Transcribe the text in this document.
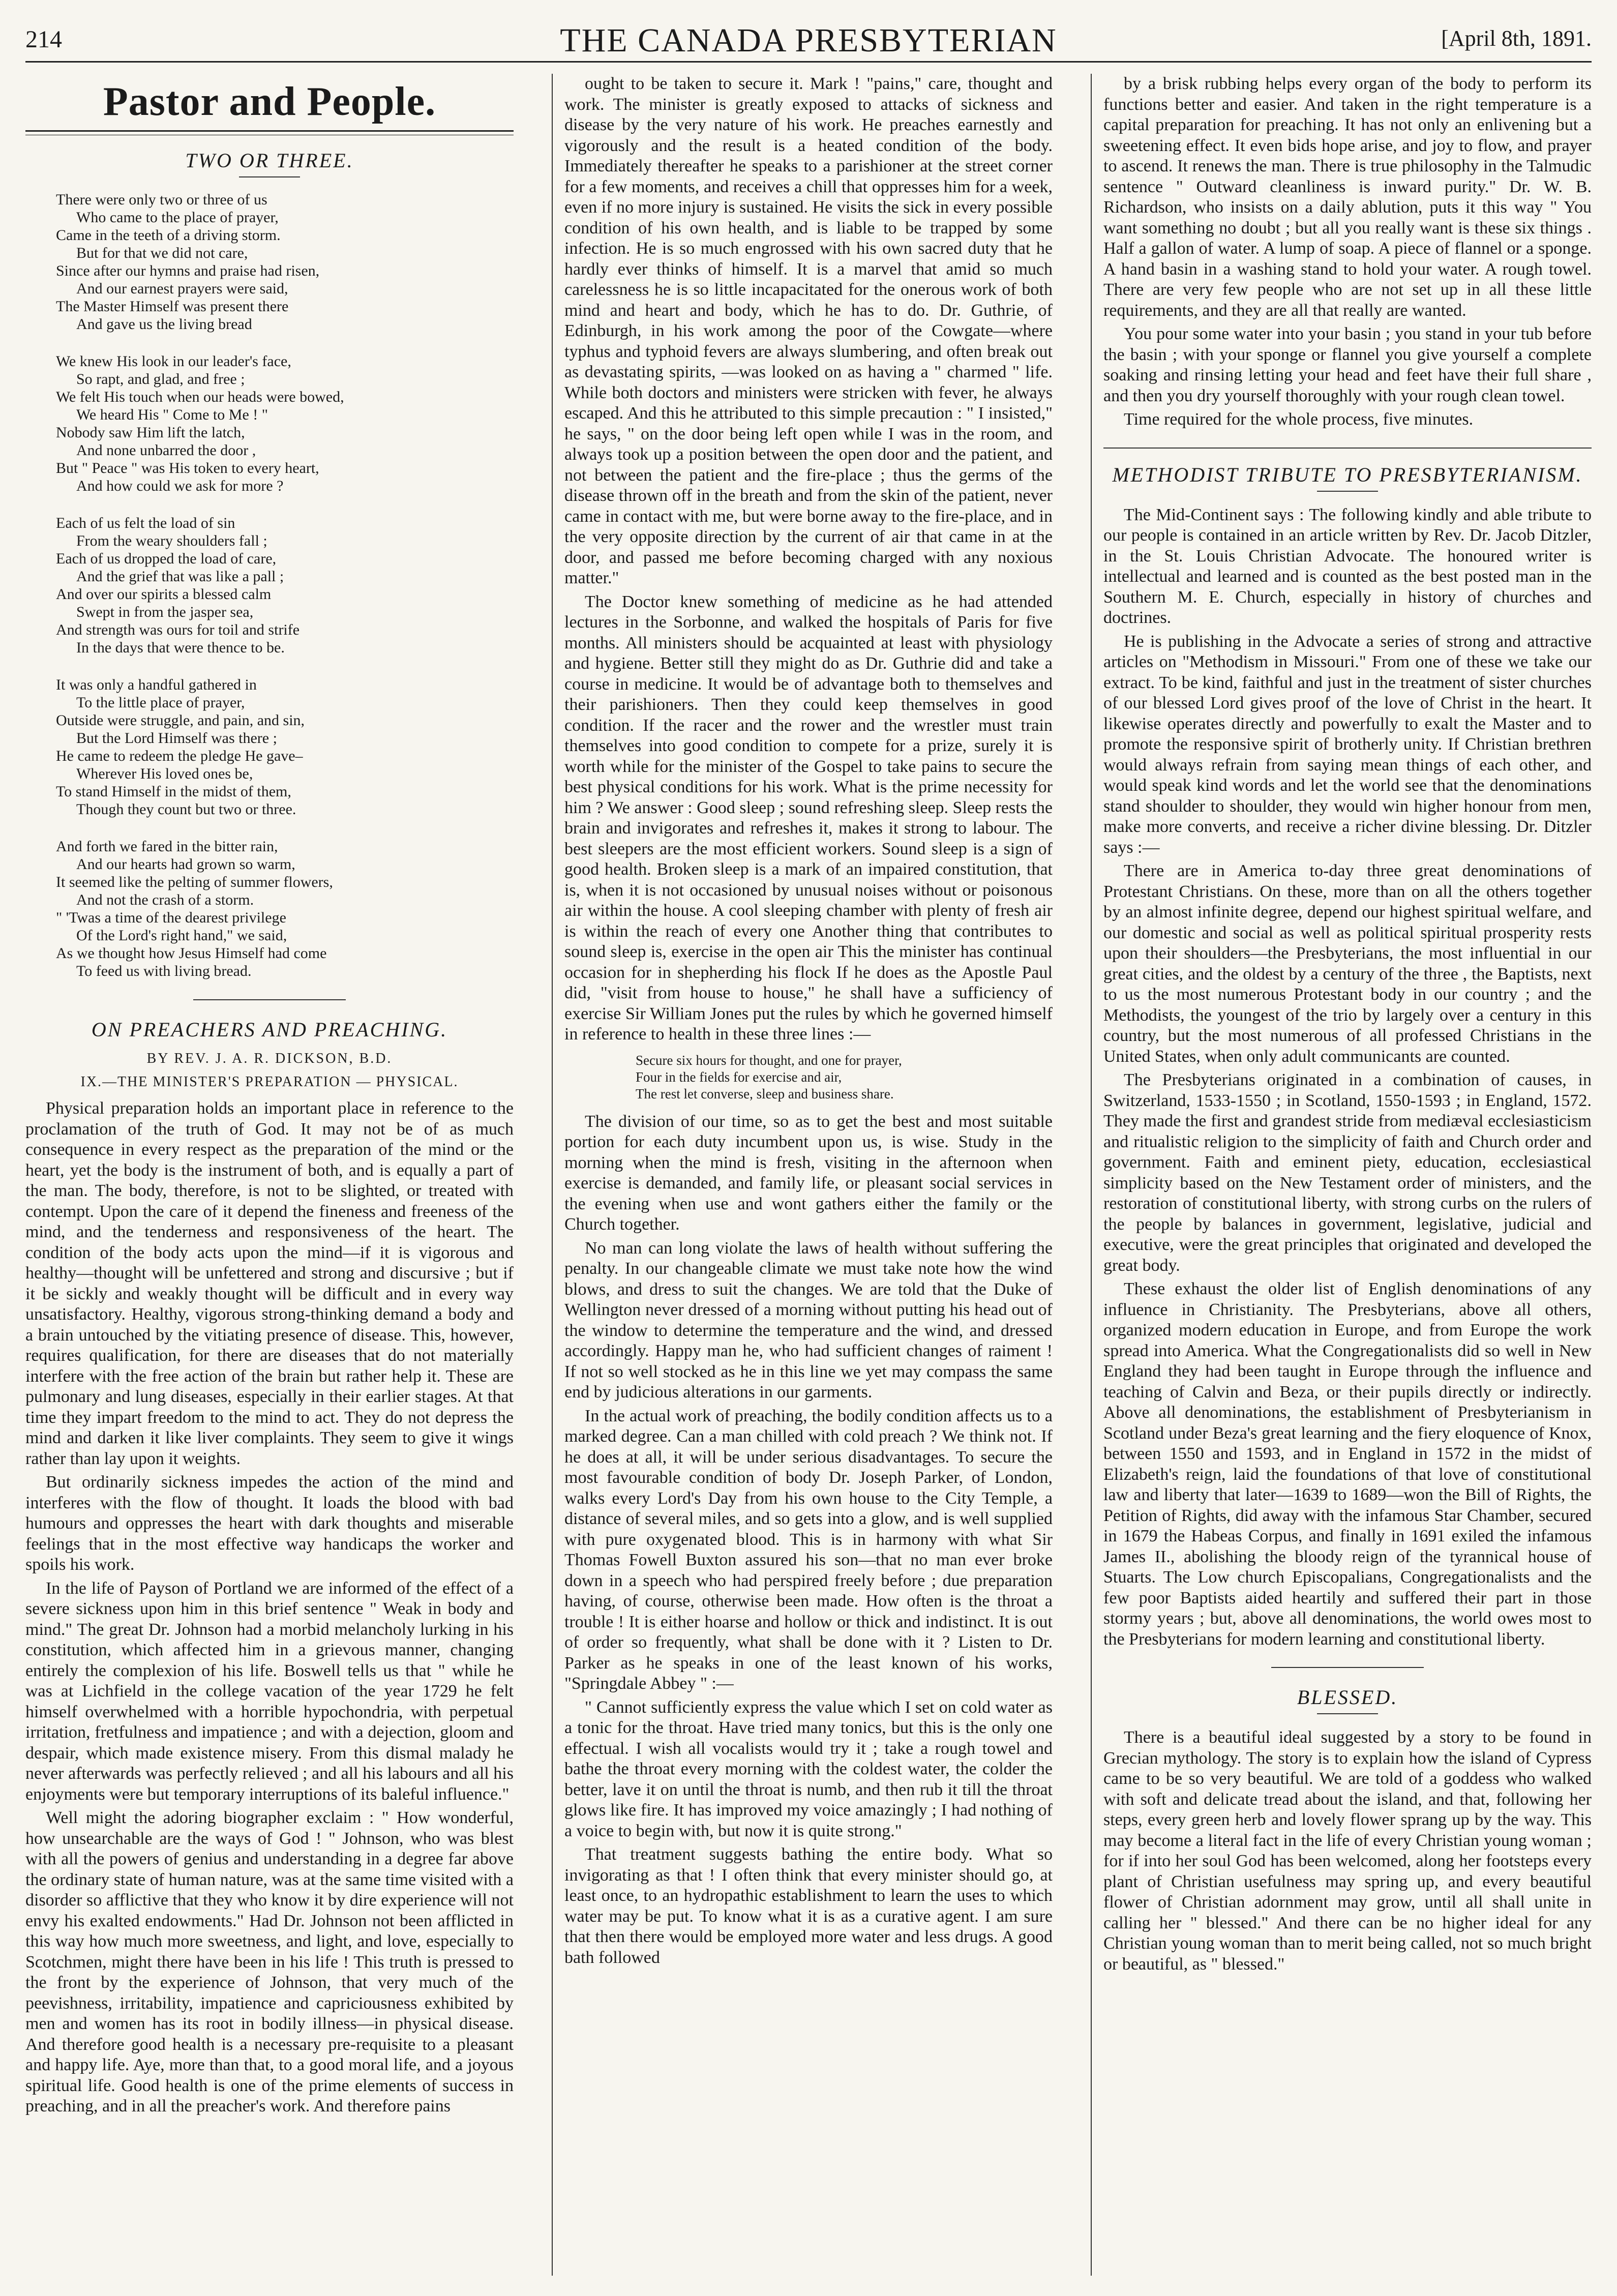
214	THE CANADA PRESBYTERIAN	[April 8th, 1891.
Pastor and People.
TWO OR THREE.
There were only two or three of us
Who came to the place of prayer,
Came in the teeth of a driving storm.
But for that we did not care,
Since after our hymns and praise had risen,
And our earnest prayers were said,
The Master Himself was present there
And gave us the living bread
We knew His look in our leader's face,
So rapt, and glad, and free ;
We felt His touch when our heads were bowed,
We heard His " Come to Me ! "
Nobody saw Him lift the latch,
And none unbarred the door ,
But " Peace " was His token to every heart,
And how could we ask for more ?
Each of us felt the load of sin
From the weary shoulders fall ;
Each of us dropped the load of care,
And the grief that was like a pall ;
And over our spirits a blessed calm
Swept in from the jasper sea,
And strength was ours for toil and strife
In the days that were thence to be.
It was only a handful gathered in
To the little place of prayer,
Outside were struggle, and pain, and sin,
But the Lord Himself was there ;
He came to redeem the pledge He gave–
Wherever His loved ones be,
To stand Himself in the midst of them,
Though they count but two or three.
And forth we fared in the bitter rain,
And our hearts had grown so warm,
It seemed like the pelting of summer flowers,
And not the crash of a storm.
" 'Twas a time of the dearest privilege
Of the Lord's right hand," we said,
As we thought how Jesus Himself had come
To feed us with living bread.
ON PREACHERS AND PREACHING.
BY REV. J. A. R. DICKSON, B.D.
IX.—THE MINISTER'S PREPARATION — PHYSICAL.

Physical preparation holds an important place in reference to the proclamation of the truth of God. It may not be of as much consequence in every respect as the preparation of the mind or the heart, yet the body is the instrument of both, and is equally a part of the man. The body, therefore, is not to be slighted, or treated with contempt. Upon the care of it depend the fineness and freeness of the mind, and the tenderness and responsiveness of the heart. The condition of the body acts upon the mind—if it is vigorous and healthy—thought will be unfettered and strong and discursive ; but if it be sickly and weakly thought will be difficult and in every way unsatisfactory. Healthy, vigorous strong-thinking demand a body and a brain untouched by the vitiating presence of disease. This, however, requires qualification, for there are diseases that do not materially interfere with the free action of the brain but rather help it. These are pulmonary and lung diseases, especially in their earlier stages. At that time they impart freedom to the mind to act. They do not depress the mind and darken it like liver complaints. They seem to give it wings rather than lay upon it weights.

But ordinarily sickness impedes the action of the mind and interferes with the flow of thought. It loads the blood with bad humours and oppresses the heart with dark thoughts and miserable feelings that in the most effective way handicaps the worker and spoils his work.

In the life of Payson of Portland we are informed of the effect of a severe sickness upon him in this brief sentence " Weak in body and mind." The great Dr. Johnson had a morbid melancholy lurking in his constitution, which affected him in a grievous manner, changing entirely the complexion of his life. Boswell tells us that " while he was at Lichfield in the college vacation of the year 1729 he felt himself overwhelmed with a horrible hypochondria, with perpetual irritation, fretfulness and impatience ; and with a dejection, gloom and despair, which made existence misery. From this dismal malady he never afterwards was perfectly relieved ; and all his labours and all his enjoyments were but temporary interruptions of its baleful influence."

Well might the adoring biographer exclaim : " How wonderful, how unsearchable are the ways of God ! " Johnson, who was blest with all the powers of genius and understanding in a degree far above the ordinary state of human nature, was at the same time visited with a disorder so afflictive that they who know it by dire experience will not envy his exalted endowments." Had Dr. Johnson not been afflicted in this way how much more sweetness, and light, and love, especially to Scotchmen, might there have been in his life ! This truth is pressed to the front by the experience of Johnson, that very much of the peevishness, irritability, impatience and capriciousness exhibited by men and women has its root in bodily illness—in physical disease. And therefore good health is a necessary pre-requisite to a pleasant and happy life. Aye, more than that, to a good moral life, and a joyous spiritual life. Good health is one of the prime elements of success in preaching, and in all the preacher's work. And therefore pains

ought to be taken to secure it. Mark ! "pains," care, thought and work. The minister is greatly exposed to attacks of sickness and disease by the very nature of his work. He preaches earnestly and vigorously and the result is a heated condition of the body. Immediately thereafter he speaks to a parishioner at the street corner for a few moments, and receives a chill that oppresses him for a week, even if no more injury is sustained. He visits the sick in every possible condition of his own health, and is liable to be trapped by some infection. He is so much engrossed with his own sacred duty that he hardly ever thinks of himself. It is a marvel that amid so much carelessness he is so little incapacitated for the onerous work of both mind and heart and body, which he has to do. Dr. Guthrie, of Edinburgh, in his work among the poor of the Cowgate—where typhus and typhoid fevers are always slumbering, and often break out as devastating spirits, —was looked on as having a " charmed " life. While both doctors and ministers were stricken with fever, he always escaped. And this he attributed to this simple precaution : " I insisted," he says, " on the door being left open while I was in the room, and always took up a position between the open door and the patient, and not between the patient and the fire-place ; thus the germs of the disease thrown off in the breath and from the skin of the patient, never came in contact with me, but were borne away to the fire-place, and in the very opposite direction by the current of air that came in at the door, and passed me before becoming charged with any noxious matter."

The Doctor knew something of medicine as he had attended lectures in the Sorbonne, and walked the hospitals of Paris for five months. All ministers should be acquainted at least with physiology and hygiene. Better still they might do as Dr. Guthrie did and take a course in medicine. It would be of advantage both to themselves and their parishioners. Then they could keep themselves in good condition. If the racer and the rower and the wrestler must train themselves into good condition to compete for a prize, surely it is worth while for the minister of the Gospel to take pains to secure the best physical conditions for his work. What is the prime necessity for him ? We answer : Good sleep ; sound refreshing sleep. Sleep rests the brain and invigorates and refreshes it, makes it strong to labour. The best sleepers are the most efficient workers. Sound sleep is a sign of good health. Broken sleep is a mark of an impaired constitution, that is, when it is not occasioned by unusual noises without or poisonous air within the house. A cool sleeping chamber with plenty of fresh air is within the reach of every one Another thing that contributes to sound sleep is, exercise in the open air This the minister has continual occasion for in shepherding his flock If he does as the Apostle Paul did, "visit from house to house," he shall have a sufficiency of exercise Sir William Jones put the rules by which he governed himself in reference to health in these three lines :—

Secure six hours for thought, and one for prayer,
Four in the fields for exercise and air,
The rest let converse, sleep and business share.

The division of our time, so as to get the best and most suitable portion for each duty incumbent upon us, is wise. Study in the morning when the mind is fresh, visiting in the afternoon when exercise is demanded, and family life, or pleasant social services in the evening when use and wont gathers either the family or the Church together.

No man can long violate the laws of health without suffering the penalty. In our changeable climate we must take note how the wind blows, and dress to suit the changes. We are told that the Duke of Wellington never dressed of a morning without putting his head out of the window to determine the temperature and the wind, and dressed accordingly. Happy man he, who had sufficient changes of raiment ! If not so well stocked as he in this line we yet may compass the same end by judicious alterations in our garments.

In the actual work of preaching, the bodily condition affects us to a marked degree. Can a man chilled with cold preach ? We think not. If he does at all, it will be under serious disadvantages. To secure the most favourable condition of body Dr. Joseph Parker, of London, walks every Lord's Day from his own house to the City Temple, a distance of several miles, and so gets into a glow, and is well supplied with pure oxygenated blood. This is in harmony with what Sir Thomas Fowell Buxton assured his son—that no man ever broke down in a speech who had perspired freely before ; due preparation having, of course, otherwise been made. How often is the throat a trouble ! It is either hoarse and hollow or thick and indistinct. It is out of order so frequently, what shall be done with it ? Listen to Dr. Parker as he speaks in one of the least known of his works, "Springdale Abbey " :—

" Cannot sufficiently express the value which I set on cold water as a tonic for the throat. Have tried many tonics, but this is the only one effectual. I wish all vocalists would try it ; take a rough towel and bathe the throat every morning with the coldest water, the colder the better, lave it on until the throat is numb, and then rub it till the throat glows like fire. It has improved my voice amazingly ; I had nothing of a voice to begin with, but now it is quite strong."

That treatment suggests bathing the entire body. What so invigorating as that ! I often think that every minister should go, at least once, to an hydropathic establishment to learn the uses to which water may be put. To know what it is as a curative agent. I am sure that then there would be employed more water and less drugs. A good bath followed

by a brisk rubbing helps every organ of the body to perform its functions better and easier. And taken in the right temperature is a capital preparation for preaching. It has not only an enlivening but a sweetening effect. It even bids hope arise, and joy to flow, and prayer to ascend. It renews the man. There is true philosophy in the Talmudic sentence " Outward cleanliness is inward purity." Dr. W. B. Richardson, who insists on a daily ablution, puts it this way " You want something no doubt ; but all you really want is these six things . Half a gallon of water. A lump of soap. A piece of flannel or a sponge. A hand basin in a washing stand to hold your water. A rough towel. There are very few people who are not set up in all these little requirements, and they are all that really are wanted.

You pour some water into your basin ; you stand in your tub before the basin ; with your sponge or flannel you give yourself a complete soaking and rinsing letting your head and feet have their full share , and then you dry yourself thoroughly with your rough clean towel.

Time required for the whole process, five minutes.

METHODIST TRIBUTE TO PRESBYTERIANISM.

The Mid-Continent says : The following kindly and able tribute to our people is contained in an article written by Rev. Dr. Jacob Ditzler, in the St. Louis Christian Advocate. The honoured writer is intellectual and learned and is counted as the best posted man in the Southern M. E. Church, especially in history of churches and doctrines.

He is publishing in the Advocate a series of strong and attractive articles on "Methodism in Missouri." From one of these we take our extract. To be kind, faithful and just in the treatment of sister churches of our blessed Lord gives proof of the love of Christ in the heart. It likewise operates directly and powerfully to exalt the Master and to promote the responsive spirit of brotherly unity. If Christian brethren would always refrain from saying mean things of each other, and would speak kind words and let the world see that the denominations stand shoulder to shoulder, they would win higher honour from men, make more converts, and receive a richer divine blessing. Dr. Ditzler says :—

There are in America to-day three great denominations of Protestant Christians. On these, more than on all the others together by an almost infinite degree, depend our highest spiritual welfare, and our domestic and social as well as political spiritual prosperity rests upon their shoulders—the Presbyterians, the most influential in our great cities, and the oldest by a century of the three , the Baptists, next to us the most numerous Protestant body in our country ; and the Methodists, the youngest of the trio by largely over a century in this country, but the most numerous of all professed Christians in the United States, when only adult communicants are counted.

The Presbyterians originated in a combination of causes, in Switzerland, 1533-1550 ; in Scotland, 1550-1593 ; in England, 1572. They made the first and grandest stride from mediæval ecclesiasticism and ritualistic religion to the simplicity of faith and Church order and government. Faith and eminent piety, education, ecclesiastical simplicity based on the New Testament order of ministers, and the restoration of constitutional liberty, with strong curbs on the rulers of the people by balances in government, legislative, judicial and executive, were the great principles that originated and developed the great body.

These exhaust the older list of English denominations of any influence in Christianity. The Presbyterians, above all others, organized modern education in Europe, and from Europe the work spread into America. What the Congregationalists did so well in New England they had been taught in Europe through the influence and teaching of Calvin and Beza, or their pupils directly or indirectly. Above all denominations, the establishment of Presbyterianism in Scotland under Beza's great learning and the fiery eloquence of Knox, between 1550 and 1593, and in England in 1572 in the midst of Elizabeth's reign, laid the foundations of that love of constitutional law and liberty that later—1639 to 1689—won the Bill of Rights, the Petition of Rights, did away with the infamous Star Chamber, secured in 1679 the Habeas Corpus, and finally in 1691 exiled the infamous James II., abolishing the bloody reign of the tyrannical house of Stuarts. The Low church Episcopalians, Congregationalists and the few poor Baptists aided heartily and suffered their part in those stormy years ; but, above all denominations, the world owes most to the Presbyterians for modern learning and constitutional liberty.

BLESSED.

There is a beautiful ideal suggested by a story to be found in Grecian mythology. The story is to explain how the island of Cypress came to be so very beautiful. We are told of a goddess who walked with soft and delicate tread about the island, and that, following her steps, every green herb and lovely flower sprang up by the way. This may become a literal fact in the life of every Christian young woman ; for if into her soul God has been welcomed, along her footsteps every plant of Christian usefulness may spring up, and every beautiful flower of Christian adornment may grow, until all shall unite in calling her " blessed." And there can be no higher ideal for any Christian young woman than to merit being called, not so much bright or beautiful, as " blessed."
